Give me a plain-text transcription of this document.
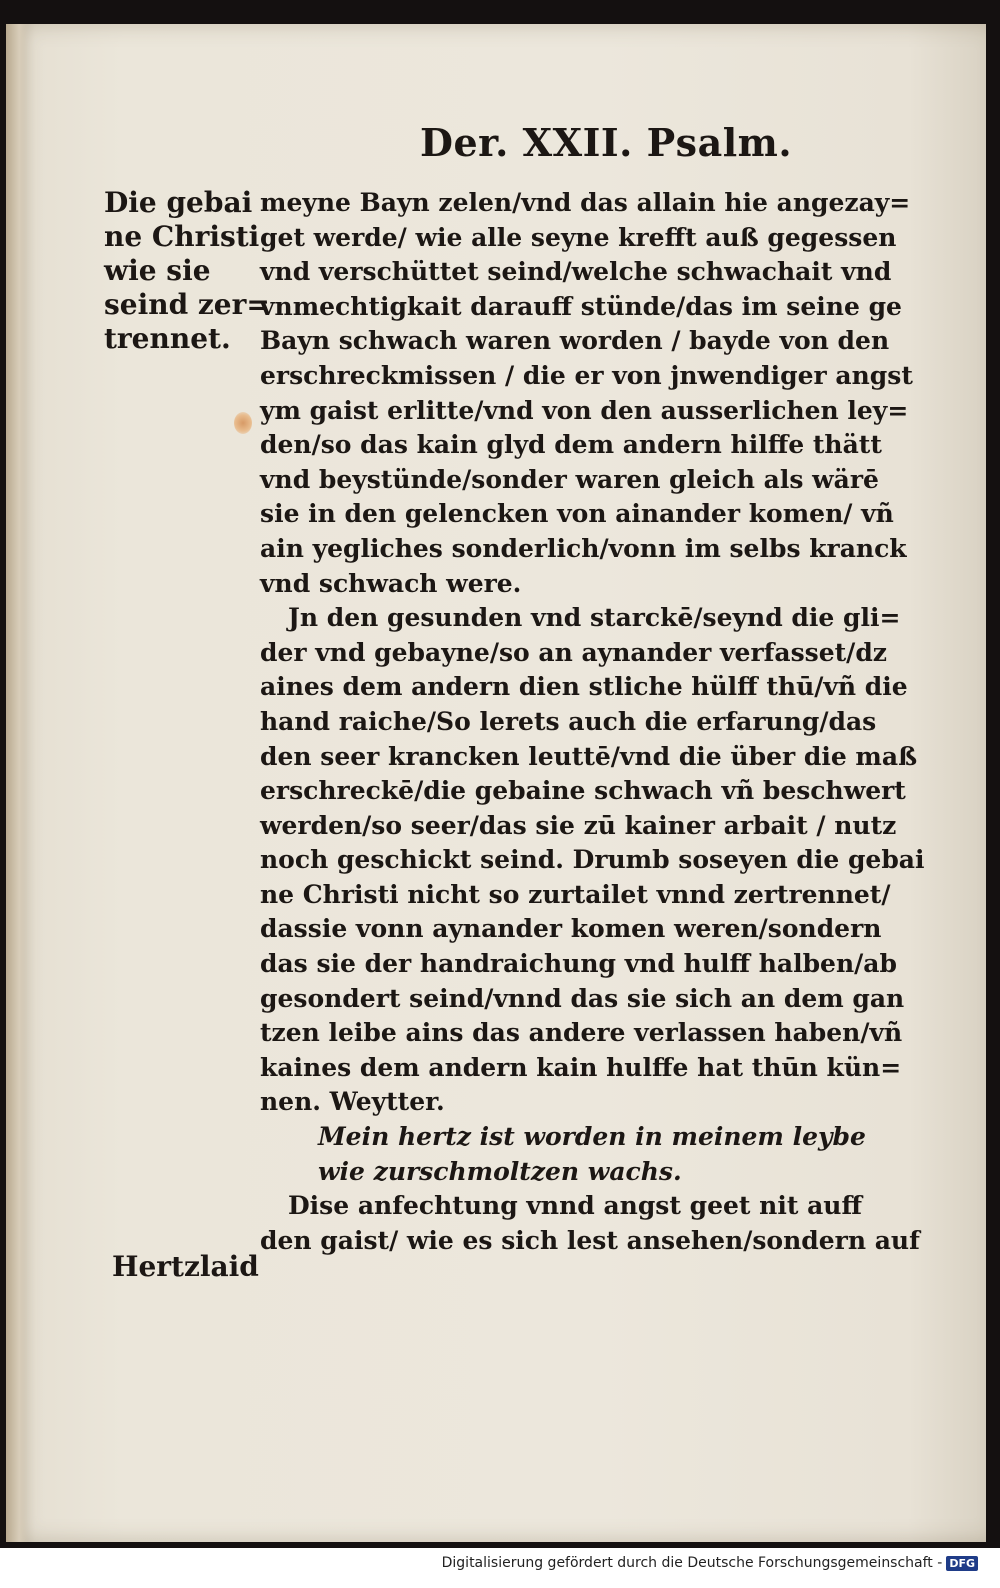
Der. XXII. Psalm.
Die gebai
ne Christi
wie sie
seind zer=
trennet.
meyne Bayn zelen/vnd das allain hie angezay=
get werde/ wie alle seyne krefft auß gegessen
vnd verschüttet seind/welche schwachait vnd
vnmechtigkait darauff stünde/das im seine ge
Bayn schwach waren worden / bayde von den
erschreckmissen / die er von jnwendiger angst
ym gaist erlitte/vnd von den ausserlichen ley=
den/so das kain glyd dem andern hilffe thätt
vnd beystünde/sonder waren gleich als wärē
sie in den gelencken von ainander komen/ vñ
ain yegliches sonderlich/vonn im selbs kranck
vnd schwach were.
Jn den gesunden vnd starckē/seynd die gli=
der vnd gebayne/so an aynander verfasset/dz
aines dem andern dien stliche hülff thū/vñ die
hand raiche/So lerets auch die erfarung/das
den seer krancken leuttē/vnd die über die maß
erschreckē/die gebaine schwach vñ beschwert
werden/so seer/das sie zū kainer arbait / nutz
noch geschickt seind. Drumb soseyen die gebai
ne Christi nicht so zurtailet vnnd zertrennet/
dassie vonn aynander komen weren/sondern
das sie der handraichung vnd hulff halben/ab
gesondert seind/vnnd das sie sich an dem gan
tzen leibe ains das andere verlassen haben/vñ
kaines dem andern kain hulffe hat thūn kün=
nen. Weytter.
Mein hertz ist worden in meinem leybe
wie zurschmoltzen wachs.
Dise anfechtung vnnd angst geet nit auff
den gaist/ wie es sich lest ansehen/sondern auf
Hertzlaid
Digitalisierung gefördert durch die Deutsche Forschungsgemeinschaft - DFG
